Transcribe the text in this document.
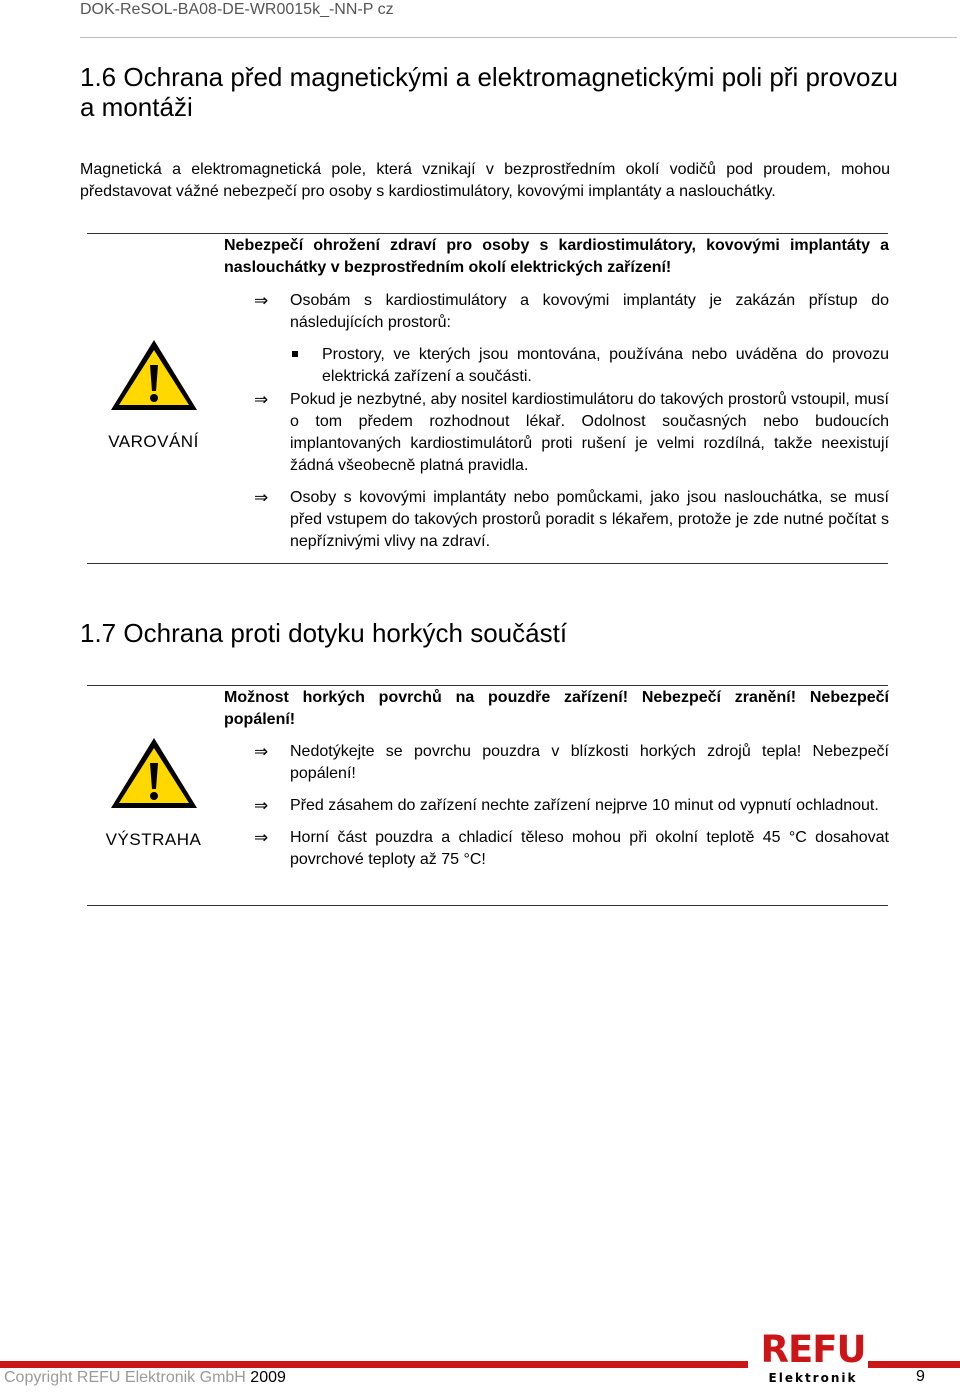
DOK-ReSOL-BA08-DE-WR0015k_-NN-P cz
1.6 Ochrana před magnetickými a elektromagnetickými poli při provozu a montáži

Magnetická a elektromagnetická pole, která vznikají v bezprostředním okolí vodičů pod proudem, mohou představovat vážné nebezpečí pro osoby s kardiostimulátory, kovovými implantáty a naslouchátky.

VAROVÁNÍ

Nebezpečí ohrožení zdraví pro osoby s kardiostimulátory, kovovými implantáty a naslouchátky v bezprostředním okolí elektrických zařízení!

⇒ Osobám s kardiostimulátory a kovovými implantáty je zakázán přístup do následujících prostorů:

Prostory, ve kterých jsou montována, používána nebo uváděna do provozu elektrická zařízení a součásti.

⇒ Pokud je nezbytné, aby nositel kardiostimulátoru do takových prostorů vstoupil, musí o tom předem rozhodnout lékař. Odolnost současných nebo budoucích implantovaných kardiostimulátorů proti rušení je velmi rozdílná, takže neexistují žádná všeobecně platná pravidla.

⇒ Osoby s kovovými implantáty nebo pomůckami, jako jsou naslouchátka, se musí před vstupem do takových prostorů poradit s lékařem, protože je zde nutné počítat s nepříznivými vlivy na zdraví.

1.7 Ochrana proti dotyku horkých součástí
VÝSTRAHA

Možnost horkých povrchů na pouzdře zařízení! Nebezpečí zranění! Nebezpečí popálení!

⇒ Nedotýkejte se povrchu pouzdra v blízkosti horkých zdrojů tepla! Nebezpečí popálení!

⇒ Před zásahem do zařízení nechte zařízení nejprve 10 minut od vypnutí ochladnout.

⇒ Horní část pouzdra a chladicí těleso mohou při okolní teplotě 45 °C dosahovat povrchové teploty až 75 °C!

Copyright REFU Elektronik GmbH 2009
REFU
Elektronik	9
